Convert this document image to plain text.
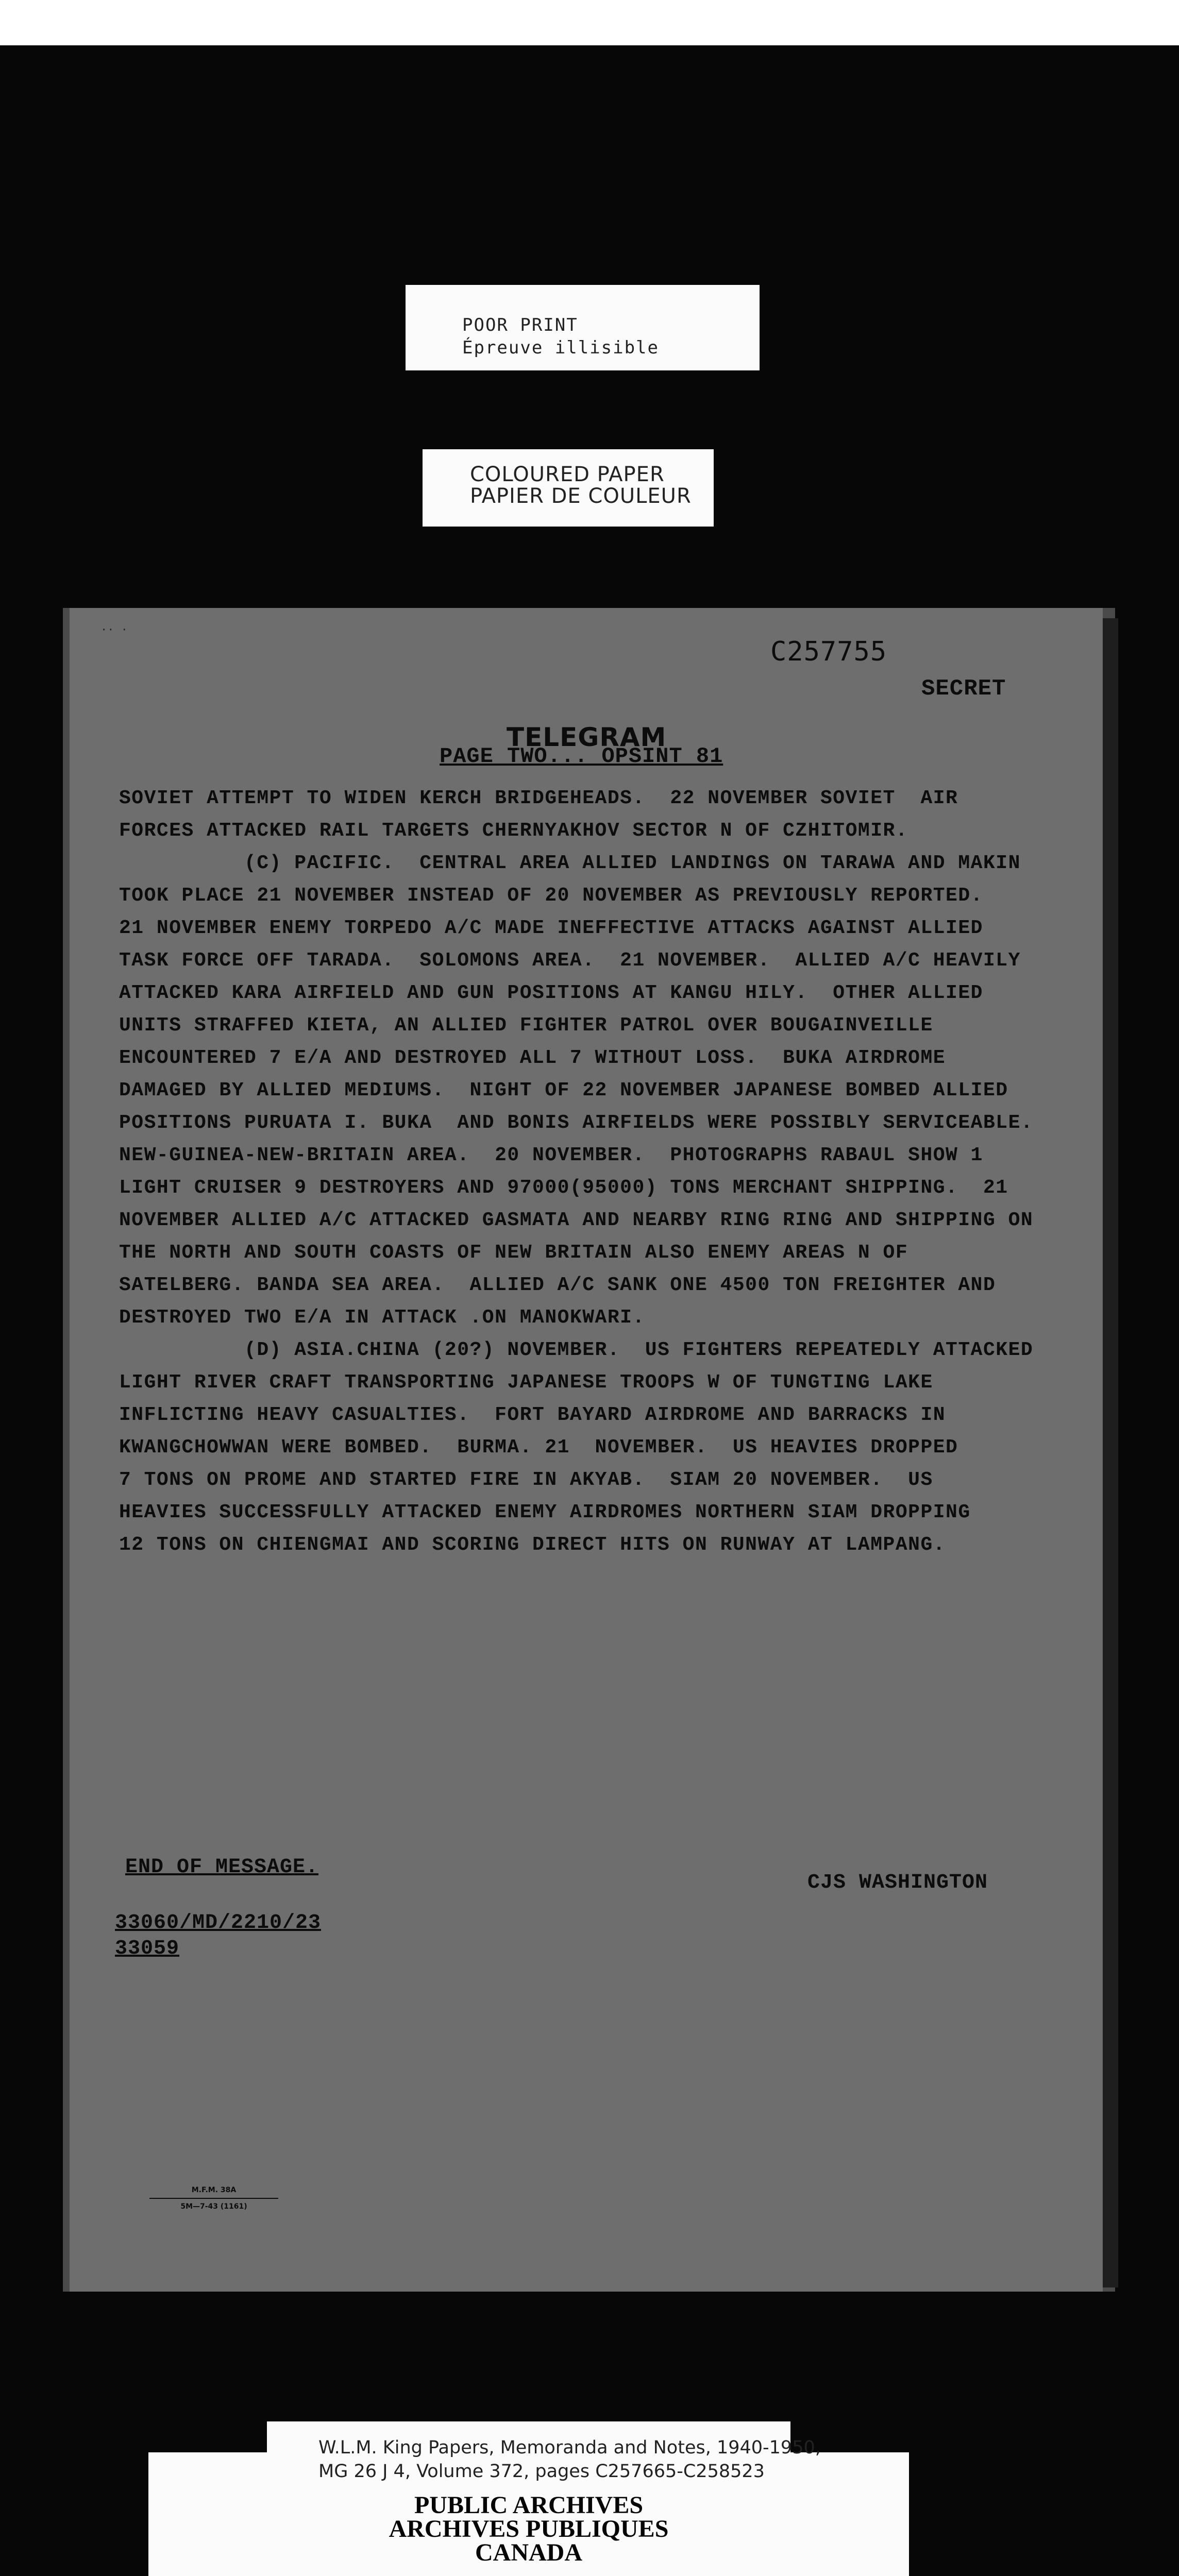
POOR PRINT
Épreuve illisible
COLOURED PAPER
PAPIER DE COULEUR
·· ·
C257755
SECRET
TELEGRAM
PAGE TWO... OPSINT 81
SOVIET ATTEMPT TO WIDEN KERCH BRIDGEHEADS.  22 NOVEMBER SOVIET  AIR
FORCES ATTACKED RAIL TARGETS CHERNYAKHOV SECTOR N OF CZHITOMIR.
(C) PACIFIC.  CENTRAL AREA ALLIED LANDINGS ON TARAWA AND MAKIN
TOOK PLACE 21 NOVEMBER INSTEAD OF 20 NOVEMBER AS PREVIOUSLY REPORTED.
21 NOVEMBER ENEMY TORPEDO A/C MADE INEFFECTIVE ATTACKS AGAINST ALLIED
TASK FORCE OFF TARADA.  SOLOMONS AREA.  21 NOVEMBER.  ALLIED A/C HEAVILY
ATTACKED KARA AIRFIELD AND GUN POSITIONS AT KANGU HILY.  OTHER ALLIED
UNITS STRAFFED KIETA, AN ALLIED FIGHTER PATROL OVER BOUGAINVEILLE
ENCOUNTERED 7 E/A AND DESTROYED ALL 7 WITHOUT LOSS.  BUKA AIRDROME
DAMAGED BY ALLIED MEDIUMS.  NIGHT OF 22 NOVEMBER JAPANESE BOMBED ALLIED
POSITIONS PURUATA I. BUKA  AND BONIS AIRFIELDS WERE POSSIBLY SERVICEABLE.
NEW-GUINEA-NEW-BRITAIN AREA.  20 NOVEMBER.  PHOTOGRAPHS RABAUL SHOW 1
LIGHT CRUISER 9 DESTROYERS AND 97000(95000) TONS MERCHANT SHIPPING.  21
NOVEMBER ALLIED A/C ATTACKED GASMATA AND NEARBY RING RING AND SHIPPING ON
THE NORTH AND SOUTH COASTS OF NEW BRITAIN ALSO ENEMY AREAS N OF
SATELBERG. BANDA SEA AREA.  ALLIED A/C SANK ONE 4500 TON FREIGHTER AND
DESTROYED TWO E/A IN ATTACK .ON MANOKWARI.
(D) ASIA.CHINA (20?) NOVEMBER.  US FIGHTERS REPEATEDLY ATTACKED
LIGHT RIVER CRAFT TRANSPORTING JAPANESE TROOPS W OF TUNGTING LAKE
INFLICTING HEAVY CASUALTIES.  FORT BAYARD AIRDROME AND BARRACKS IN
KWANGCHOWWAN WERE BOMBED.  BURMA. 21  NOVEMBER.  US HEAVIES DROPPED
7 TONS ON PROME AND STARTED FIRE IN AKYAB.  SIAM 20 NOVEMBER.  US
HEAVIES SUCCESSFULLY ATTACKED ENEMY AIRDROMES NORTHERN SIAM DROPPING
12 TONS ON CHIENGMAI AND SCORING DIRECT HITS ON RUNWAY AT LAMPANG.
END OF MESSAGE.
CJS WASHINGTON
33060/MD/2210/23
33059
M.F.M. 38A
5M—7-43 (1161)
W.L.M. King Papers, Memoranda and Notes, 1940-1950, MG 26 J 4, Volume 372, pages C257665-C258523
PUBLIC ARCHIVES
ARCHIVES PUBLIQUES
CANADA
